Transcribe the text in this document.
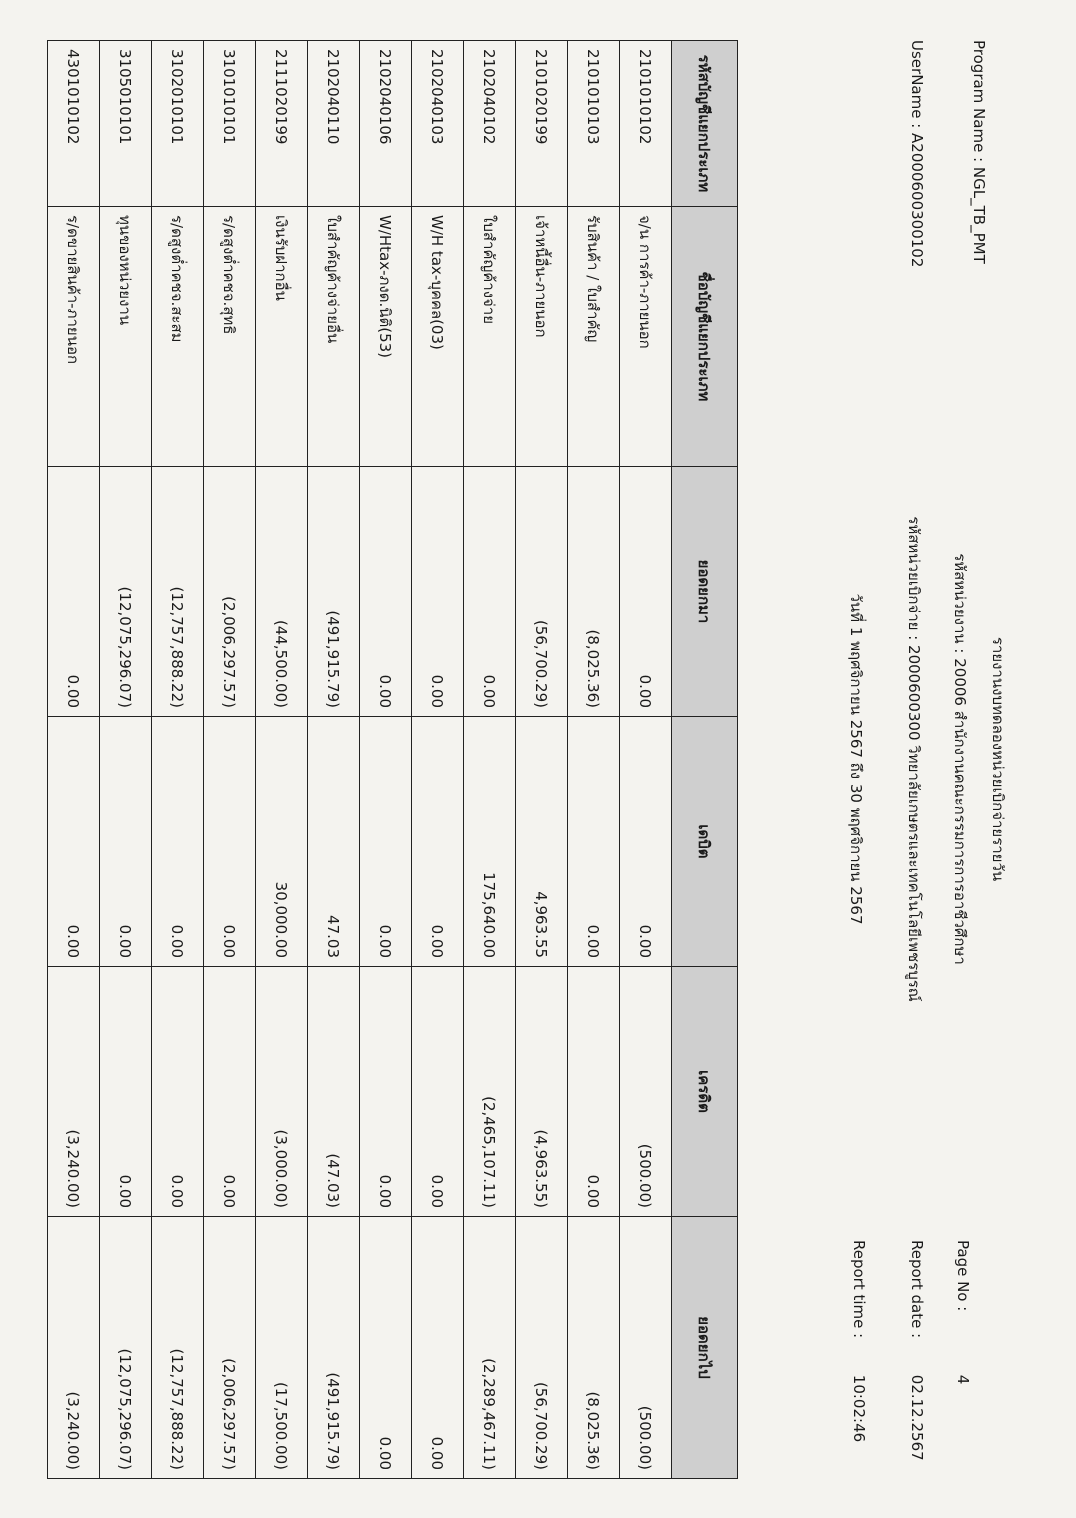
Program Name : NGL_TB_PMT
UserName : A2000600300102
รายงานงบทดลองหน่วยเบิกจ่ายรายวัน
รหัสหน่วยงาน : 20006 สำนักงานคณะกรรมการการอาชีวศึกษา
รหัสหน่วยเบิกจ่าย : 2000600300 วิทยาลัยเกษตรและเทคโนโลยีเพชรบูรณ์
วันที่ 1 พฤศจิกายน 2567 ถึง 30 พฤศจิกายน 2567
Page No : 4
Report date : 02.12.2567
Report time : 10:02:46
รหัสบัญชีแยกประเภท	ชื่อบัญชีแยกประเภท	ยอดยกมา	เดบิต	เครดิต	ยอดยกไป
2101010102	จ/น การค้า-ภายนอก	0.00	0.00	(500.00)	(500.00)
2101010103	รับสินค้า / ใบสำคัญ	(8,025.36)	0.00	0.00	(8,025.36)
2101020199	เจ้าหนี้อื่น-ภายนอก	(56,700.29)	4,963.55	(4,963.55)	(56,700.29)
2102040102	ใบสำคัญค้างจ่าย	0.00	175,640.00	(2,465,107.11)	(2,289,467.11)
2102040103	W/H tax-บุคคล(03)	0.00	0.00	0.00	0.00
2102040106	W/Htax-ภงด.นิติ(53)	0.00	0.00	0.00	0.00
2102040110	ใบสำคัญค้างจ่ายอื่น	(491,915.79)	47.03	(47.03)	(491,915.79)
2111020199	เงินรับฝากอื่น	(44,500.00)	30,000.00	(3,000.00)	(17,500.00)
3101010101	ร/ดสูงต่ำคชจ.สุทธิ	(2,006,297.57)	0.00	0.00	(2,006,297.57)
3102010101	ร/ดสูงต่ำคชจ.สะสม	(12,757,888.22)	0.00	0.00	(12,757,888.22)
3105010101	ทุนของหน่วยงาน	(12,075,296.07)	0.00	0.00	(12,075,296.07)
4301010102	ร/ดขายสินค้า-ภายนอก	0.00	0.00	(3,240.00)	(3,240.00)
